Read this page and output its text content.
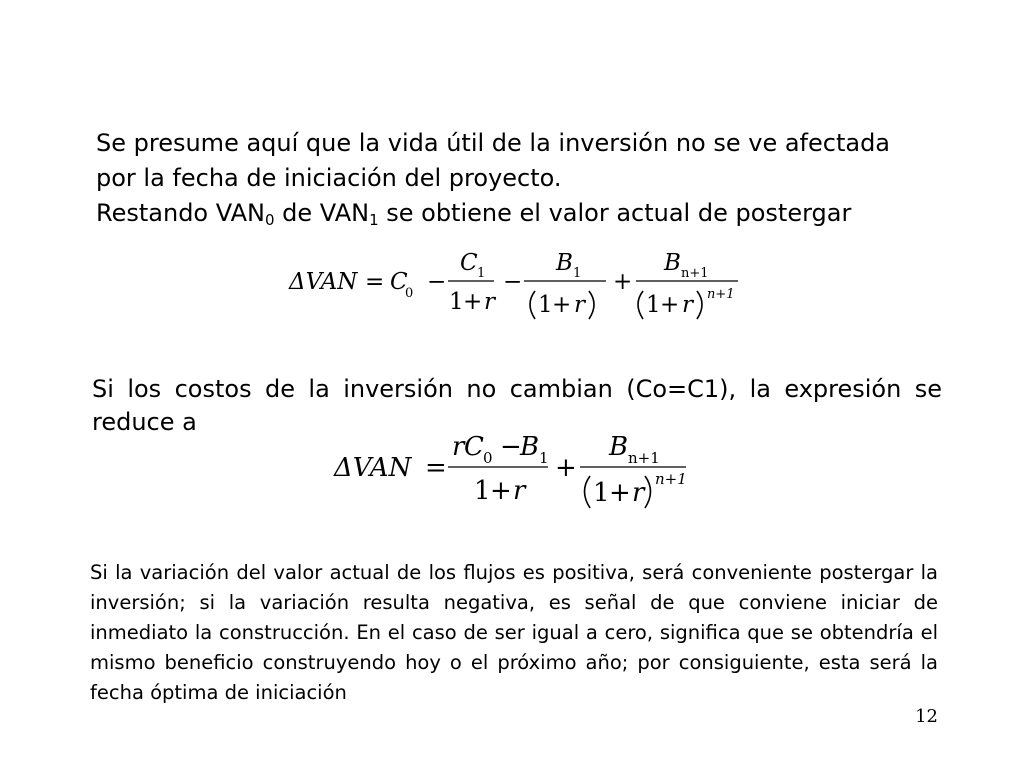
Se presume aquí que la vida útil de la inversión no se ve afectada

por la fecha de iniciación del proyecto.

Restando $VAN_0$ de $VAN_1$ se obtiene el valor actual de postergar

ΔVAN = C
0 −
C 1
1 + r
−
B 1
1 + r
+
B n+1
1 + r n+1

Si los costos de la inversión no cambian (Co=C1), la expresión se reduce a

ΔVAN =
r C 0 −
B 1
1 + r
+
B n+1
1 + r n+1

Si la variación del valor actual de los flujos es positiva, será conveniente postergar la inversión; si la variación resulta negativa, es señal de que conviene iniciar de inmediato la construcción. En el caso de ser igual a cero, significa que se obtendría el mismo beneficio construyendo hoy o el próximo año; por consiguiente, esta será la fecha óptima de iniciación

12
